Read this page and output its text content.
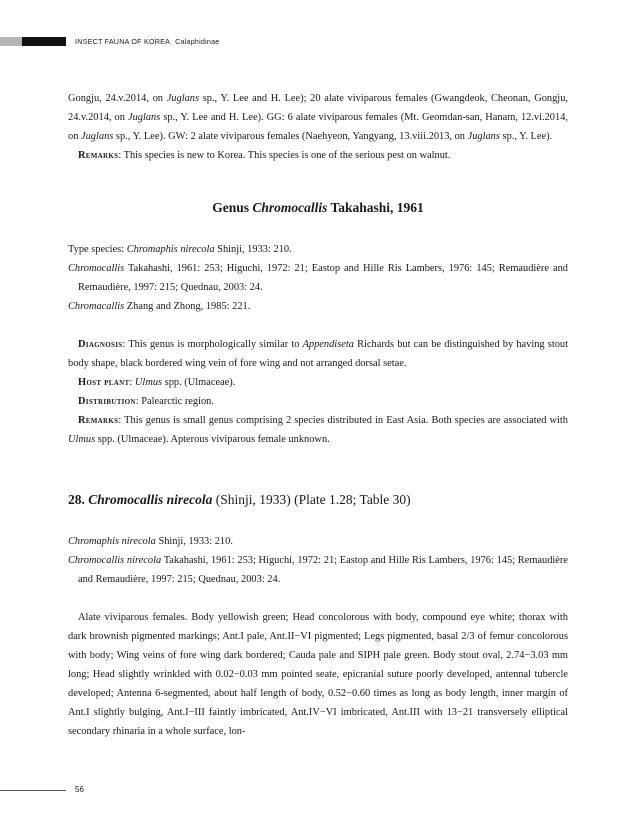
INSECT FAUNA OF KOREA Calaphidinae

Gongju, 24.v.2014, on Juglans sp., Y. Lee and H. Lee); 20 alate viviparous females (Gwangdeok, Cheonan, Gongju, 24.v.2014, on Juglans sp., Y. Lee and H. Lee). GG: 6 alate viviparous females (Mt. Geomdan-san, Hanam, 12.vi.2014, on Juglans sp., Y. Lee). GW: 2 alate viviparous females (Naehyeon, Yangyang, 13.viii.2013, on Juglans sp., Y. Lee).

Remarks: This species is new to Korea. This species is one of the serious pest on walnut.

Genus Chromocallis Takahashi, 1961

Type species: Chromaphis nirecola Shinji, 1933: 210.

Chromocallis Takahashi, 1961: 253; Higuchi, 1972: 21; Eastop and Hille Ris Lambers, 1976: 145; Remaudière and Remaudière, 1997: 215; Quednau, 2003: 24.

Chromacallis Zhang and Zhong, 1985: 221.

Diagnosis: This genus is morphologically similar to Appendiseta Richards but can be distinguished by having stout body shape, black bordered wing vein of fore wing and not arranged dorsal setae.

Host plant: Ulmus spp. (Ulmaceae).

Distribution: Palearctic region.

Remarks: This genus is small genus comprising 2 species distributed in East Asia. Both species are associated with Ulmus spp. (Ulmaceae). Apterous viviparous female unknown.

28. Chromocallis nirecola (Shinji, 1933) (Plate 1.28; Table 30)

Chromaphis nirecola Shinji, 1933: 210.

Chromocallis nirecola Takahashi, 1961: 253; Higuchi, 1972: 21; Eastop and Hille Ris Lambers, 1976: 145; Remaudière and Remaudière, 1997: 215; Quednau, 2003: 24.

Alate viviparous females. Body yellowish green; Head concolorous with body, compound eye white; thorax with dark brownish pigmented markings; Ant.I pale, Ant.II−VI pigmented; Legs pigmented, basal 2/3 of femur concolorous with body; Wing veins of fore wing dark bordered; Cauda pale and SIPH pale green. Body stout oval, 2.74−3.03 mm long; Head slightly wrinkled with 0.02−0.03 mm pointed seate, epicranial suture poorly developed, antennal tubercle developed; Antenna 6-segmented, about half length of body, 0.52−0.60 times as long as body length, inner margin of Ant.I slightly bulging, Ant.I−III faintly imbricated, Ant.IV−VI imbricated, Ant.III with 13−21 transversely elliptical secondary rhinaria in a whole surface, lon-

56
